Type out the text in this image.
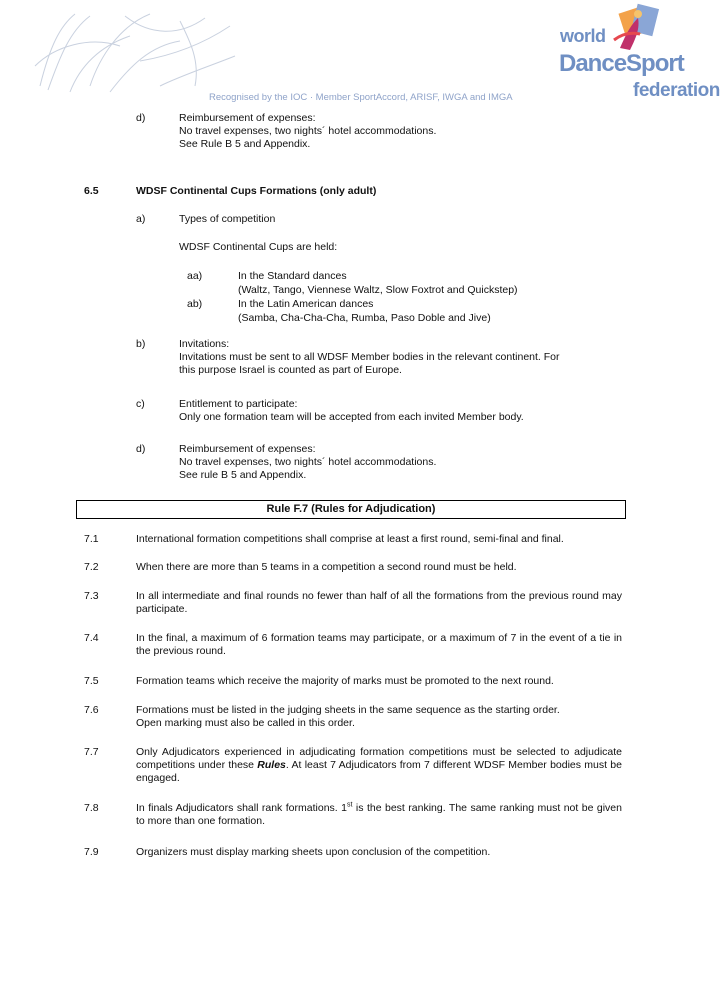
world
DanceSport
federation
Recognised by the IOC · Member SportAccord, ARISF, IWGA and IMGA
d)	Reimbursement of expenses:
No travel expenses, two nights´ hotel accommodations.
See Rule B 5 and Appendix.
6.5	WDSF Continental Cups Formations (only adult)
a)	Types of competition
WDSF Continental Cups are held:
aa)	In the Standard dances
(Waltz, Tango, Viennese Waltz, Slow Foxtrot and Quickstep)
ab)	In the Latin American dances
(Samba, Cha-Cha-Cha, Rumba, Paso Doble and Jive)
b)	Invitations:
Invitations must be sent to all WDSF Member bodies in the relevant continent. For
this purpose Israel is counted as part of Europe.
c)	Entitlement to participate:
Only one formation team will be accepted from each invited Member body.
d)	Reimbursement of expenses:
No travel expenses, two nights´ hotel accommodations.
See rule B 5 and Appendix.
Rule F.7 (Rules for Adjudication)
7.1	International formation competitions shall comprise at least a first round, semi-final and final.
7.2	When there are more than 5 teams in a competition a second round must be held.
7.3	In all intermediate and final rounds no fewer than half of all the formations from the previous round may participate.
7.4	In the final, a maximum of 6 formation teams may participate, or a maximum of 7 in the event of a tie in the previous round.
7.5	Formation teams which receive the majority of marks must be promoted to the next round.
7.6	Formations must be listed in the judging sheets in the same sequence as the starting order.
Open marking must also be called in this order.
7.7	Only Adjudicators experienced in adjudicating formation competitions must be selected to adjudicate competitions under these Rules. At least 7 Adjudicators from 7 different WDSF Member bodies must be engaged.
7.8	In finals Adjudicators shall rank formations. 1st is the best ranking. The same ranking must not be given to more than one formation.
7.9	Organizers must display marking sheets upon conclusion of the competition.
